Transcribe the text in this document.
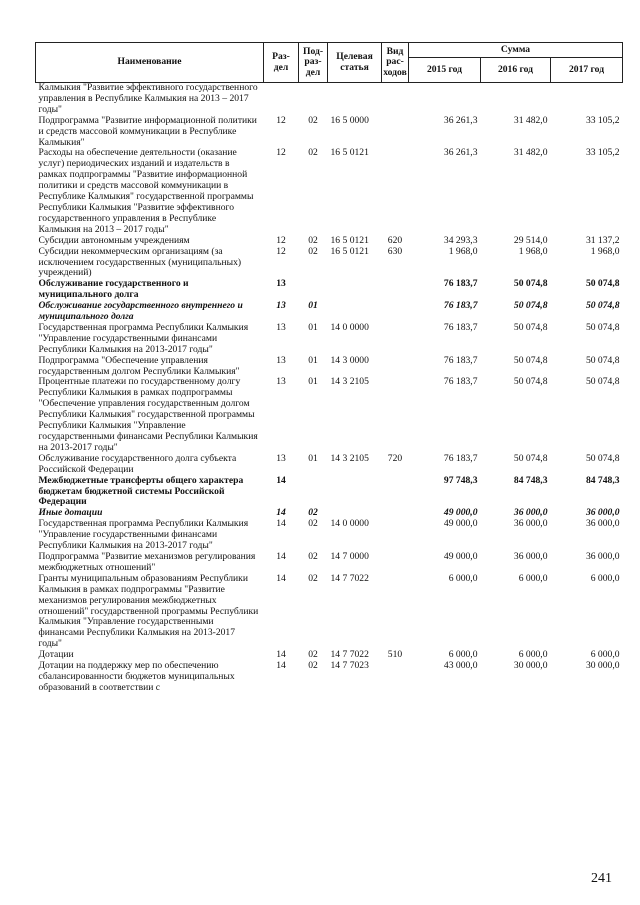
Наименование	Раз-дел	Под-раз-дел	Целевая статья	Вид рас-ходов	Сумма		
					2015 год	2016 год	2017 год
Калмыкия "Развитие эффективного государственного управления в Республике Калмыкия на 2013 – 2017 годы"							
Подпрограмма "Развитие информационной политики и средств массовой коммуникации в Республике Калмыкия"	12	02	16 5 0000		36 261,3	31 482,0	33 105,2
Расходы на обеспечение деятельности (оказание услуг) периодических изданий и издательств в рамках подпрограммы "Развитие информационной политики и средств массовой коммуникации в Республике Калмыкия" государственной программы Республики Калмыкия "Развитие эффективного государственного управления в Республике Калмыкия на 2013 – 2017 годы"	12	02	16 5 0121		36 261,3	31 482,0	33 105,2
Субсидии автономным учреждениям	12	02	16 5 0121	620	34 293,3	29 514,0	31 137,2
Субсидии некоммерческим организациям (за исключением государственных (муниципальных) учреждений)	12	02	16 5 0121	630	1 968,0	1 968,0	1 968,0
Обслуживание государственного и муниципального долга	13				76 183,7	50 074,8	50 074,8
Обслуживание государственного внутреннего и муниципального долга	13	01			76 183,7	50 074,8	50 074,8
Государственная программа Республики Калмыкия "Управление государственными финансами Республики Калмыкия на 2013-2017 годы"	13	01	14 0 0000		76 183,7	50 074,8	50 074,8
Подпрограмма "Обеспечение управления государственным долгом Республики Калмыкия"	13	01	14 3 0000		76 183,7	50 074,8	50 074,8
Процентные платежи по государственному долгу Республики Калмыкия в рамках подпрограммы "Обеспечение управления государственным долгом Республики Калмыкия" государственной программы Республики Калмыкия "Управление государственными финансами Республики Калмыкия на 2013-2017 годы"	13	01	14 3 2105		76 183,7	50 074,8	50 074,8
Обслуживание государственного долга субъекта Российской Федерации	13	01	14 3 2105	720	76 183,7	50 074,8	50 074,8
Межбюджетные трансферты общего характера бюджетам бюджетной системы Российской Федерации	14				97 748,3	84 748,3	84 748,3
Иные дотации	14	02			49 000,0	36 000,0	36 000,0
Государственная программа Республики Калмыкия "Управление государственными финансами Республики Калмыкия на 2013-2017 годы"	14	02	14 0 0000		49 000,0	36 000,0	36 000,0
Подпрограмма "Развитие механизмов регулирования межбюджетных отношений"	14	02	14 7 0000		49 000,0	36 000,0	36 000,0
Гранты муниципальным образованиям Республики Калмыкия в рамках подпрограммы "Развитие механизмов регулирования межбюджетных отношений" государственной программы Республики Калмыкия "Управление государственными финансами Республики Калмыкия на 2013-2017 годы"	14	02	14 7 7022		6 000,0	6 000,0	6 000,0
Дотации	14	02	14 7 7022	510	6 000,0	6 000,0	6 000,0
Дотации на поддержку мер по обеспечению сбалансированности бюджетов муниципальных образований в соответствии с	14	02	14 7 7023		43 000,0	30 000,0	30 000,0
241
